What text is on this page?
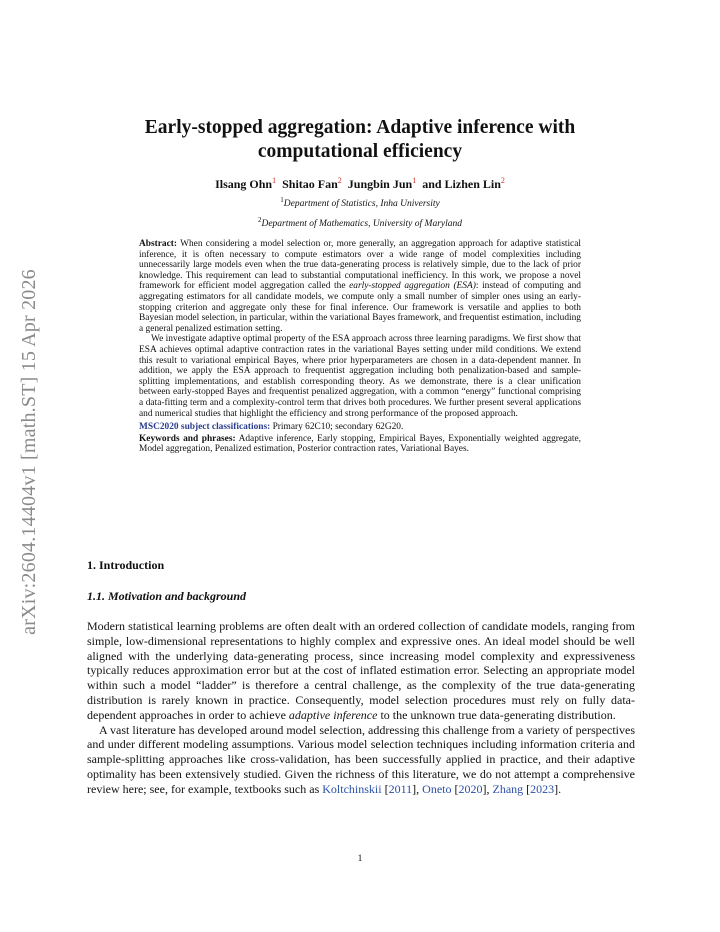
arXiv:2604.14404v1 [math.ST] 15 Apr 2026
Early-stopped aggregation: Adaptive inference with
computational efficiency
Ilsang Ohn$^1$ Shitao Fan$^2$ Jungbin Jun$^1$  and Lizhen Lin$^2$
$^1$Department of Statistics, Inha University
$^2$Department of Mathematics, University of Maryland

Abstract: When considering a model selection or, more generally, an aggregation approach for adaptive statistical inference, it is often necessary to compute estimators over a wide range of model complexities including unnecessarily large models even when the true data-generating process is relatively simple, due to the lack of prior knowledge. This requirement can lead to substantial computational inefficiency. In this work, we propose a novel framework for efficient model aggregation called the early-stopped aggregation (ESA): instead of computing and aggregating estimators for all candidate models, we compute only a small number of simpler ones using an early-stopping criterion and aggregate only these for final inference. Our framework is versatile and applies to both Bayesian model selection, in particular, within the variational Bayes framework, and frequentist estimation, including a general penalized estimation setting.

We investigate adaptive optimal property of the ESA approach across three learning paradigms. We first show that ESA achieves optimal adaptive contraction rates in the variational Bayes setting under mild conditions. We extend this result to variational empirical Bayes, where prior hyperparameters are chosen in a data-dependent manner. In addition, we apply the ESA approach to frequentist aggregation including both penalization-based and sample-splitting implementations, and establish corresponding theory. As we demonstrate, there is a clear unification between early-stopped Bayes and frequentist penalized aggregation, with a common “energy” functional comprising a data-fitting term and a complexity-control term that drives both procedures. We further present several applications and numerical studies that highlight the efficiency and strong performance of the proposed approach.

MSC2020 subject classifications: Primary 62C10; secondary 62G20.
Keywords and phrases: Adaptive inference, Early stopping, Empirical Bayes, Exponentially weighted aggregate, Model aggregation, Penalized estimation, Posterior contraction rates, Variational Bayes.
1. Introduction
1.1. Motivation and background

Modern statistical learning problems are often dealt with an ordered collection of candidate models, ranging from simple, low-dimensional representations to highly complex and expressive ones. An ideal model should be well aligned with the underlying data-generating process, since increasing model complexity and expressiveness typically reduces approximation error but at the cost of inflated estimation error. Selecting an appropriate model within such a model “ladder” is therefore a central challenge, as the complexity of the true data-generating distribution is rarely known in practice. Consequently, model selection procedures must rely on fully data-dependent approaches in order to achieve adaptive inference to the unknown true data-generating distribution.

A vast literature has developed around model selection, addressing this challenge from a variety of perspectives and under different modeling assumptions. Various model selection techniques including information criteria and sample-splitting approaches like cross-validation, has been successfully applied in practice, and their adaptive optimality has been extensively studied. Given the richness of this literature, we do not attempt a comprehensive review here; see, for example, textbooks such as Koltchinskii [2011], Oneto [2020], Zhang [2023].

1
